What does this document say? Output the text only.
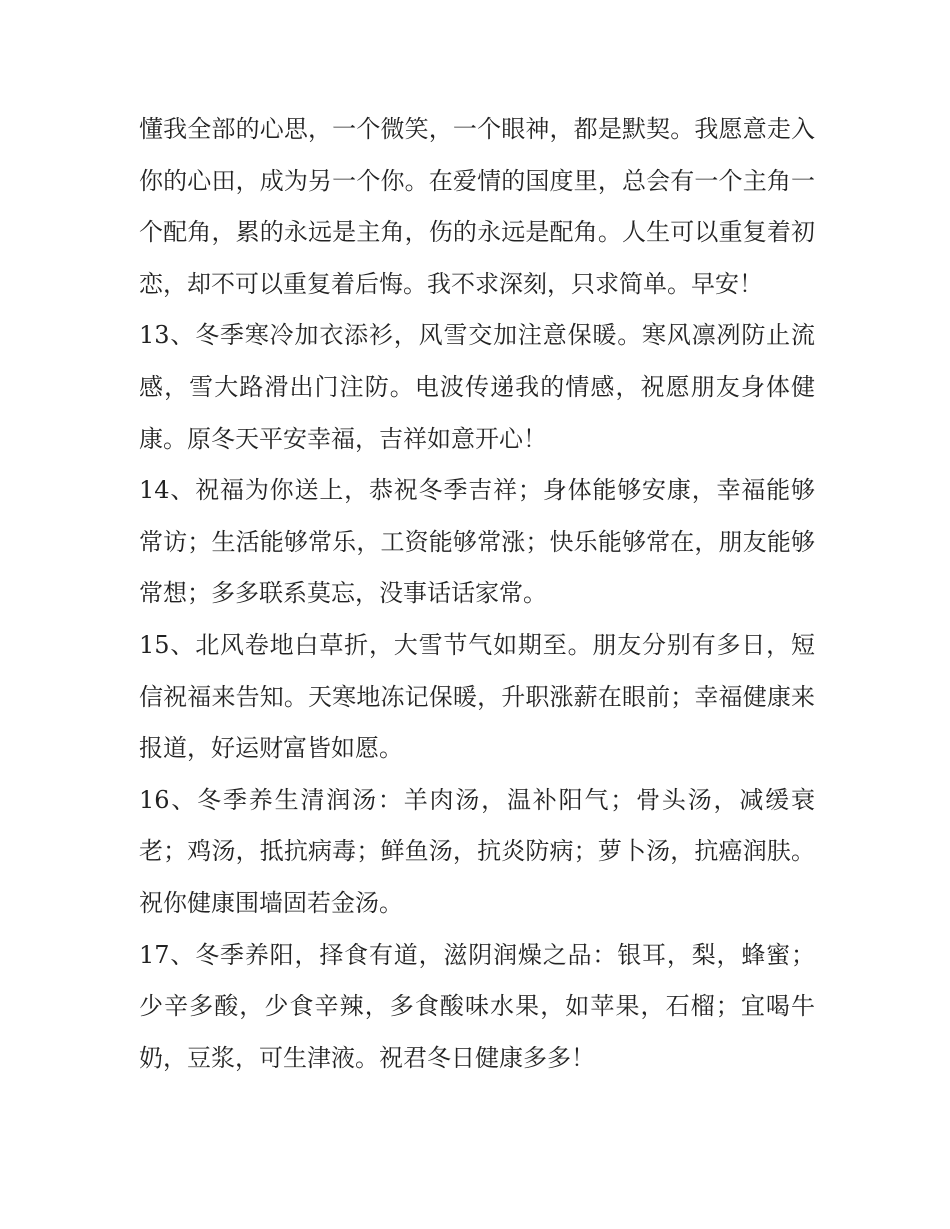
懂我全部的心思，一个微笑，一个眼神，都是默契。我愿意走入你的心田，成为另一个你。在爱情的国度里，总会有一个主角一个配角，累的永远是主角，伤的永远是配角。人生可以重复着初恋，却不可以重复着后悔。我不求深刻，只求简单。早安！

13、冬季寒冷加衣添衫，风雪交加注意保暖。寒风凛冽防止流感，雪大路滑出门注防。电波传递我的情感，祝愿朋友身体健康。原冬天平安幸福，吉祥如意开心！

14、祝福为你送上，恭祝冬季吉祥；身体能够安康，幸福能够常访；生活能够常乐，工资能够常涨；快乐能够常在，朋友能够常想；多多联系莫忘，没事话话家常。

15、北风卷地白草折，大雪节气如期至。朋友分别有多日，短信祝福来告知。天寒地冻记保暖，升职涨薪在眼前；幸福健康来报道，好运财富皆如愿。

16、冬季养生清润汤：羊肉汤，温补阳气；骨头汤，减缓衰老；鸡汤，抵抗病毒；鲜鱼汤，抗炎防病；萝卜汤，抗癌润肤。祝你健康围墙固若金汤。

17、冬季养阳，择食有道，滋阴润燥之品：银耳，梨，蜂蜜；少辛多酸，少食辛辣，多食酸味水果，如苹果，石榴；宜喝牛奶，豆浆，可生津液。祝君冬日健康多多！
